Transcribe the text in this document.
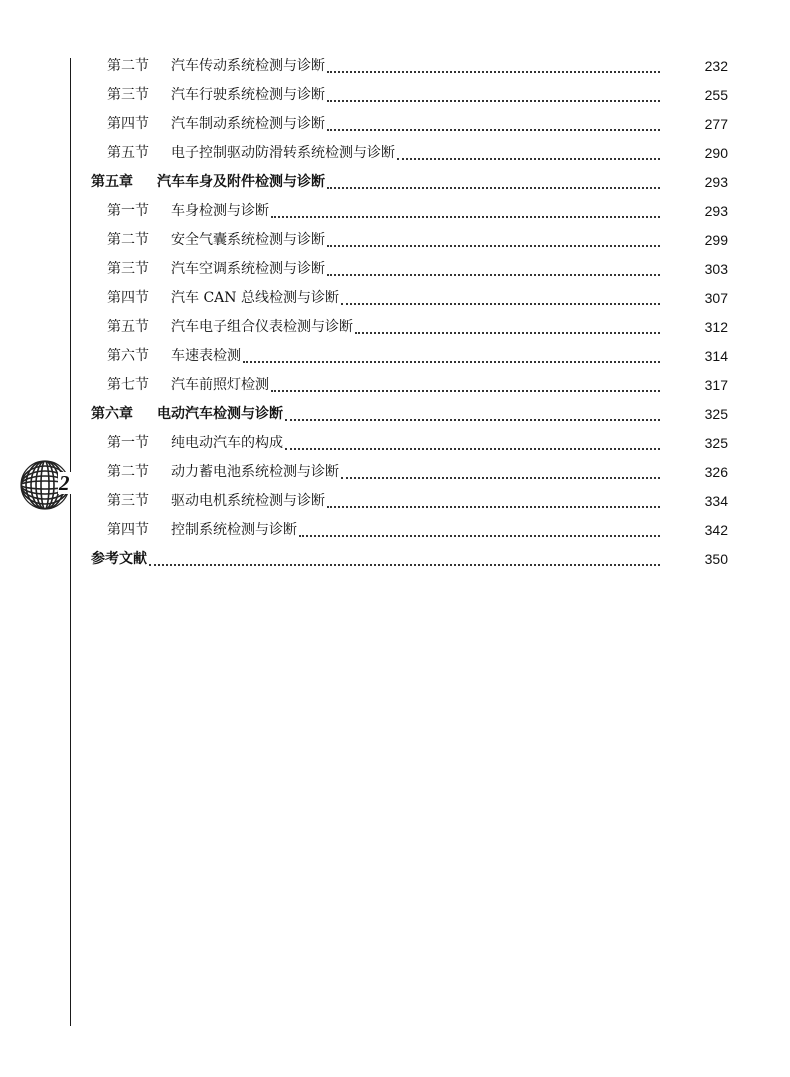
2
第二节	汽车传动系统检测与诊断	232
第三节	汽车行驶系统检测与诊断	255
第四节	汽车制动系统检测与诊断	277
第五节	电子控制驱动防滑转系统检测与诊断	290
第五章	汽车车身及附件检测与诊断	293
第一节	车身检测与诊断	293
第二节	安全气囊系统检测与诊断	299
第三节	汽车空调系统检测与诊断	303
第四节	汽车 CAN 总线检测与诊断	307
第五节	汽车电子组合仪表检测与诊断	312
第六节	车速表检测	314
第七节	汽车前照灯检测	317
第六章	电动汽车检测与诊断	325
第一节	纯电动汽车的构成	325
第二节	动力蓄电池系统检测与诊断	326
第三节	驱动电机系统检测与诊断	334
第四节	控制系统检测与诊断	342
参考文献	350
